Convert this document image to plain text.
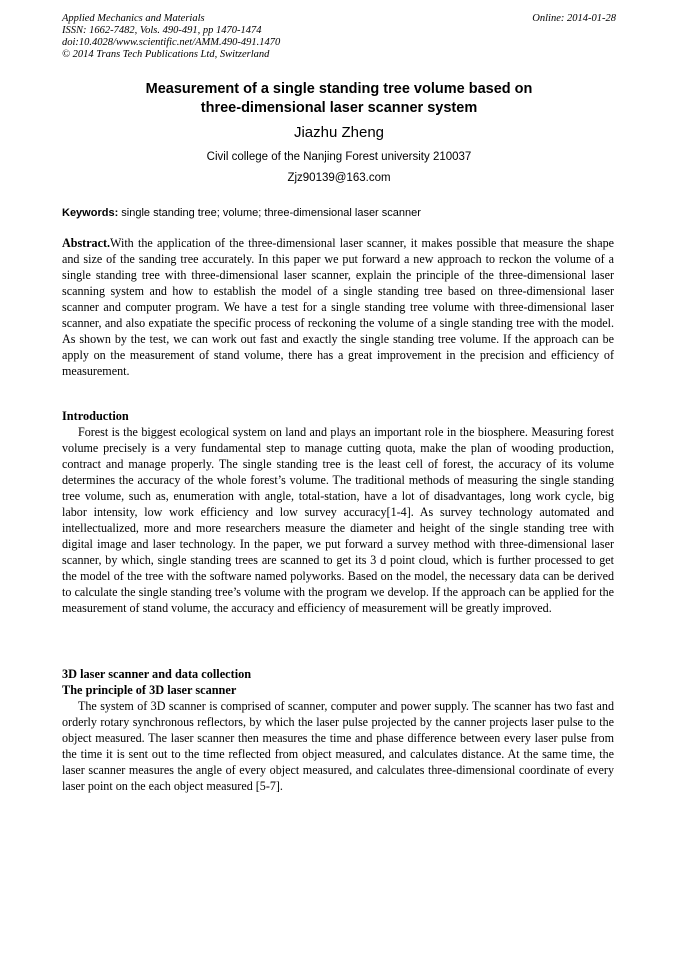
Applied Mechanics and Materials
ISSN: 1662-7482, Vols. 490-491, pp 1470-1474
doi:10.4028/www.scientific.net/AMM.490-491.1470
© 2014 Trans Tech Publications Ltd, Switzerland
Online: 2014-01-28
Measurement of a single standing tree volume based on
three-dimensional laser scanner system
Jiazhu Zheng
Civil college of the Nanjing Forest university 210037
Zjz90139@163.com
Keywords: single standing tree; volume; three-dimensional laser scanner

Abstract.With the application of the three-dimensional laser scanner, it makes possible that measure the shape and size of the sanding tree accurately. In this paper we put forward a new approach to reckon the volume of a single standing tree with three-dimensional laser scanner, explain the principle of the three-dimensional laser scanning system and how to establish the model of a single standing tree based on three-dimensional laser scanner and computer program. We have a test for a single standing tree volume with three-dimensional laser scanner, and also expatiate the specific process of reckoning the volume of a single standing tree with the model. As shown by the test, we can work out fast and exactly the single standing tree volume. If the approach can be apply on the measurement of stand volume, there has a great improvement in the precision and efficiency of measurement.

Introduction

Forest is the biggest ecological system on land and plays an important role in the biosphere. Measuring forest volume precisely is a very fundamental step to manage cutting quota, make the plan of wooding production, contract and manage properly. The single standing tree is the least cell of forest, the accuracy of its volume determines the accuracy of the whole forest’s volume. The traditional methods of measuring the single standing tree volume, such as, enumeration with angle, total-station, have a lot of disadvantages, long work cycle, big labor intensity, low work efficiency and low survey accuracy[1-4]. As survey technology automated and intellectualized, more and more researchers measure the diameter and height of the single standing tree with digital image and laser technology. In the paper, we put forward a survey method with three-dimensional laser scanner, by which, single standing trees are scanned to get its 3 d point cloud, which is further processed to get the model of the tree with the software named polyworks. Based on the model, the necessary data can be derived to calculate the single standing tree’s volume with the program we develop. If the approach can be applied for the measurement of stand volume, the accuracy and efficiency of measurement will be greatly improved.

3D laser scanner and data collection
The principle of 3D laser scanner

The system of 3D scanner is comprised of scanner, computer and power supply. The scanner has two fast and orderly rotary synchronous reflectors, by which the laser pulse projected by the canner projects laser pulse to the object measured. The laser scanner then measures the time and phase difference between every laser pulse from the time it is sent out to the time reflected from object measured, and calculates distance. At the same time, the laser scanner measures the angle of every object measured, and calculates three-dimensional coordinate of every laser point on the each object measured [5-7].
